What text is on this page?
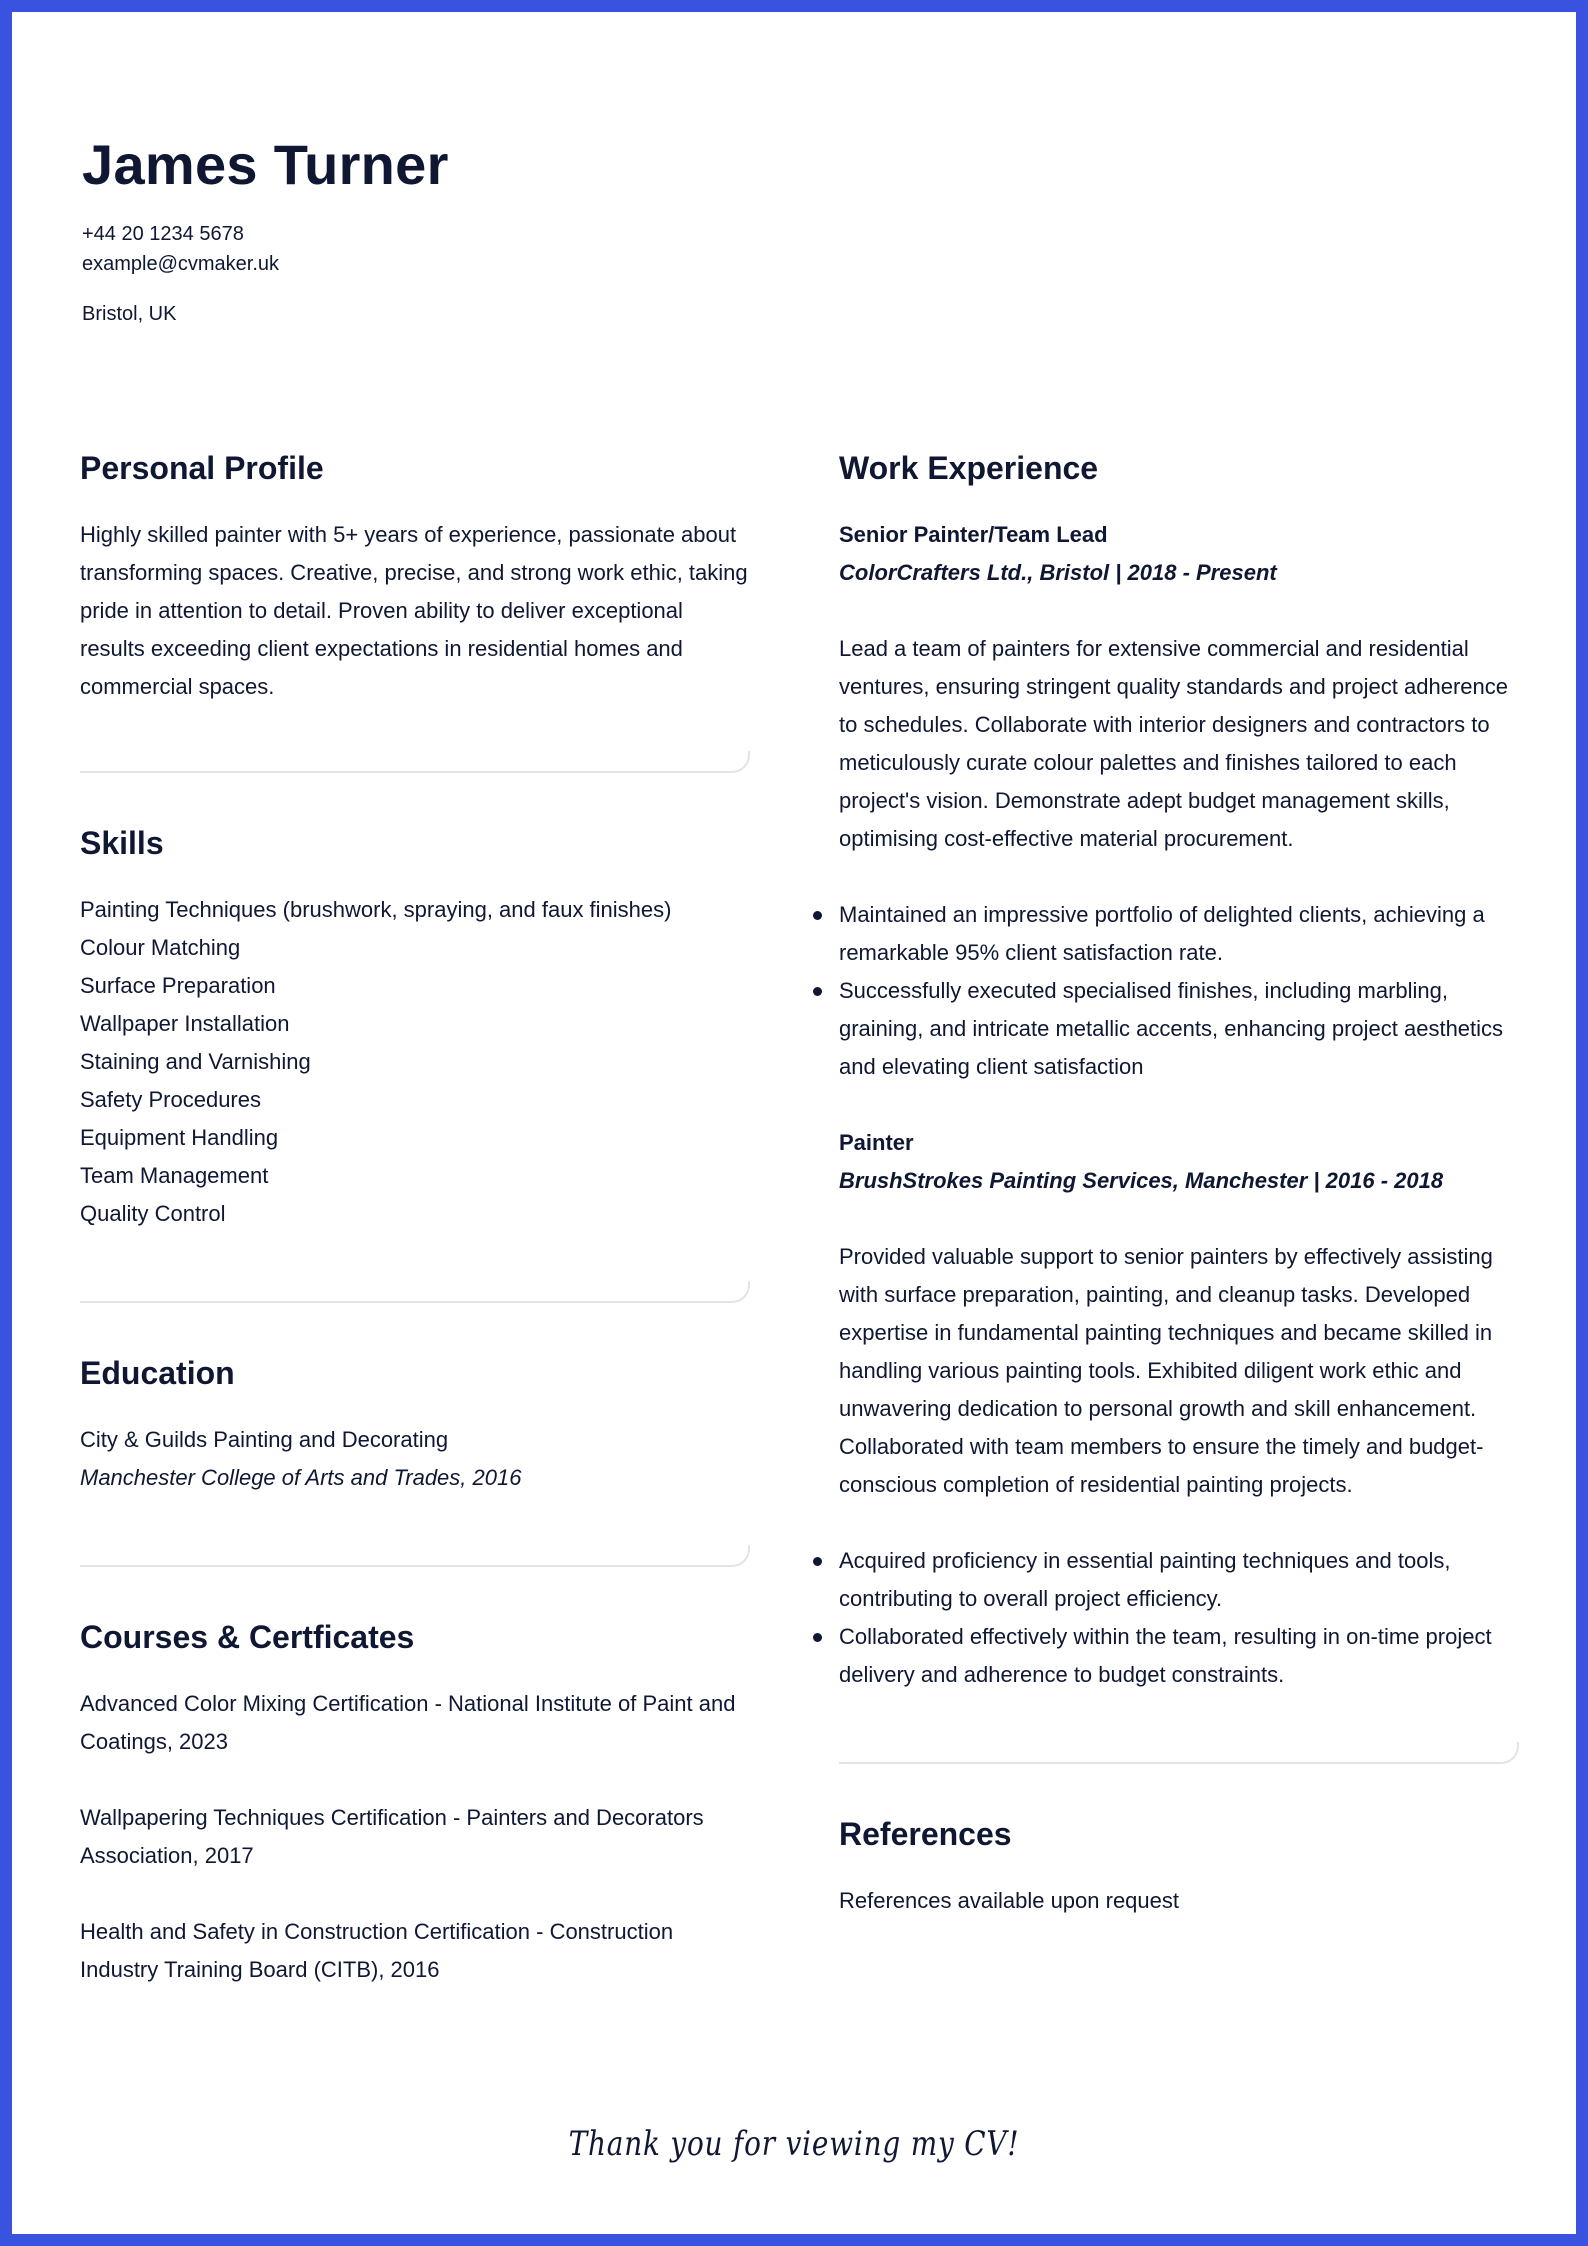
James Turner
+44 20 1234 5678
example@cvmaker.uk
Bristol, UK
Personal Profile
Highly skilled painter with 5+ years of experience, passionate about transforming spaces. Creative, precise, and strong work ethic, taking pride in attention to detail. Proven ability to deliver exceptional results exceeding client expectations in residential homes and commercial spaces.
Skills
Painting Techniques (brushwork, spraying, and faux finishes)
Colour Matching
Surface Preparation
Wallpaper Installation
Staining and Varnishing
Safety Procedures
Equipment Handling
Team Management
Quality Control
Education
City & Guilds Painting and Decorating
Manchester College of Arts and Trades, 2016
Courses & Certficates
Advanced Color Mixing Certification - National Institute of Paint and Coatings, 2023
Wallpapering Techniques Certification - Painters and Decorators Association, 2017
Health and Safety in Construction Certification - Construction Industry Training Board (CITB), 2016
Work Experience
Senior Painter/Team Lead
ColorCrafters Ltd., Bristol | 2018 - Present
Lead a team of painters for extensive commercial and residential ventures, ensuring stringent quality standards and project adherence to schedules. Collaborate with interior designers and contractors to meticulously curate colour palettes and finishes tailored to each project's vision. Demonstrate adept budget management skills, optimising cost-effective material procurement.
Maintained an impressive portfolio of delighted clients, achieving a remarkable 95% client satisfaction rate.
Successfully executed specialised finishes, including marbling, graining, and intricate metallic accents, enhancing project aesthetics and elevating client satisfaction
Painter
BrushStrokes Painting Services, Manchester | 2016 - 2018
Provided valuable support to senior painters by effectively assisting with surface preparation, painting, and cleanup tasks. Developed expertise in fundamental painting techniques and became skilled in handling various painting tools. Exhibited diligent work ethic and unwavering dedication to personal growth and skill enhancement. Collaborated with team members to ensure the timely and budget-conscious completion of residential painting projects.
Acquired proficiency in essential painting techniques and tools, contributing to overall project efficiency.
Collaborated effectively within the team, resulting in on-time project delivery and adherence to budget constraints.
References
References available upon request
Thank you for viewing my CV!
